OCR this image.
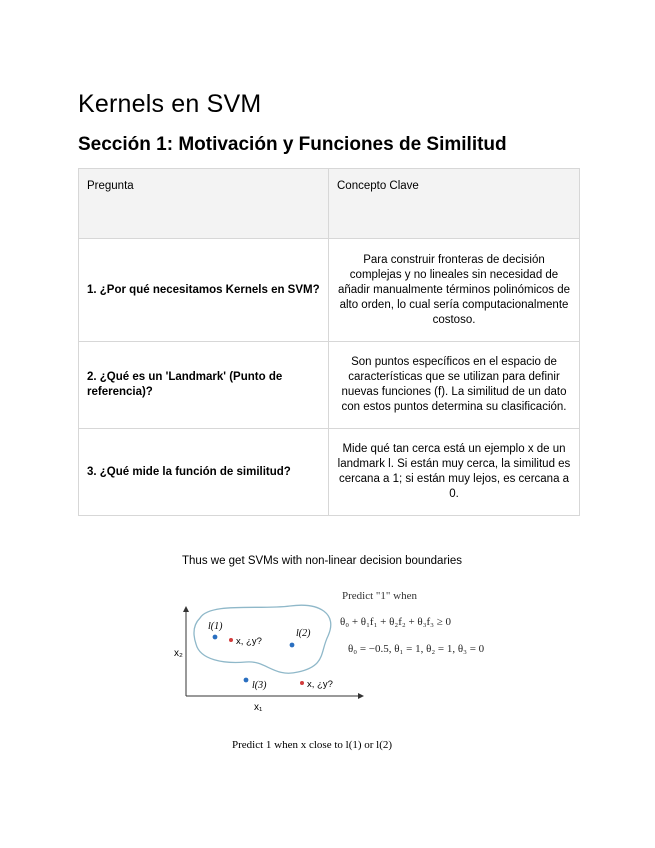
Kernels en SVM
Sección 1: Motivación y Funciones de Similitud
Pregunta	Concepto Clave
1. ¿Por qué necesitamos Kernels en SVM?	Para construir fronteras de decisión complejas y no lineales sin necesidad de añadir manualmente términos polinómicos de alto orden, lo cual sería computacionalmente costoso.
2. ¿Qué es un 'Landmark' (Punto de referencia)?	Son puntos específicos en el espacio de características que se utilizan para definir nuevas funciones (f). La similitud de un dato con estos puntos determina su clasificación.
3. ¿Qué mide la función de similitud?	Mide qué tan cerca está un ejemplo x de un landmark l. Si están muy cerca, la similitud es cercana a 1; si están muy lejos, es cercana a 0.
Thus we get SVMs with non-linear decision boundaries
Predict "1" when
θ₀ + θ₁f₁ + θ₂f₂ + θ₃f₃ ≥ 0
θ₀ = −0.5, θ₁ = 1, θ₂ = 1, θ₃ = 0
x₂
x₁
l(1)
l(2)
l(3)
x, ¿y?
x, ¿y?
Predict 1 when x close to l(1) or l(2)
